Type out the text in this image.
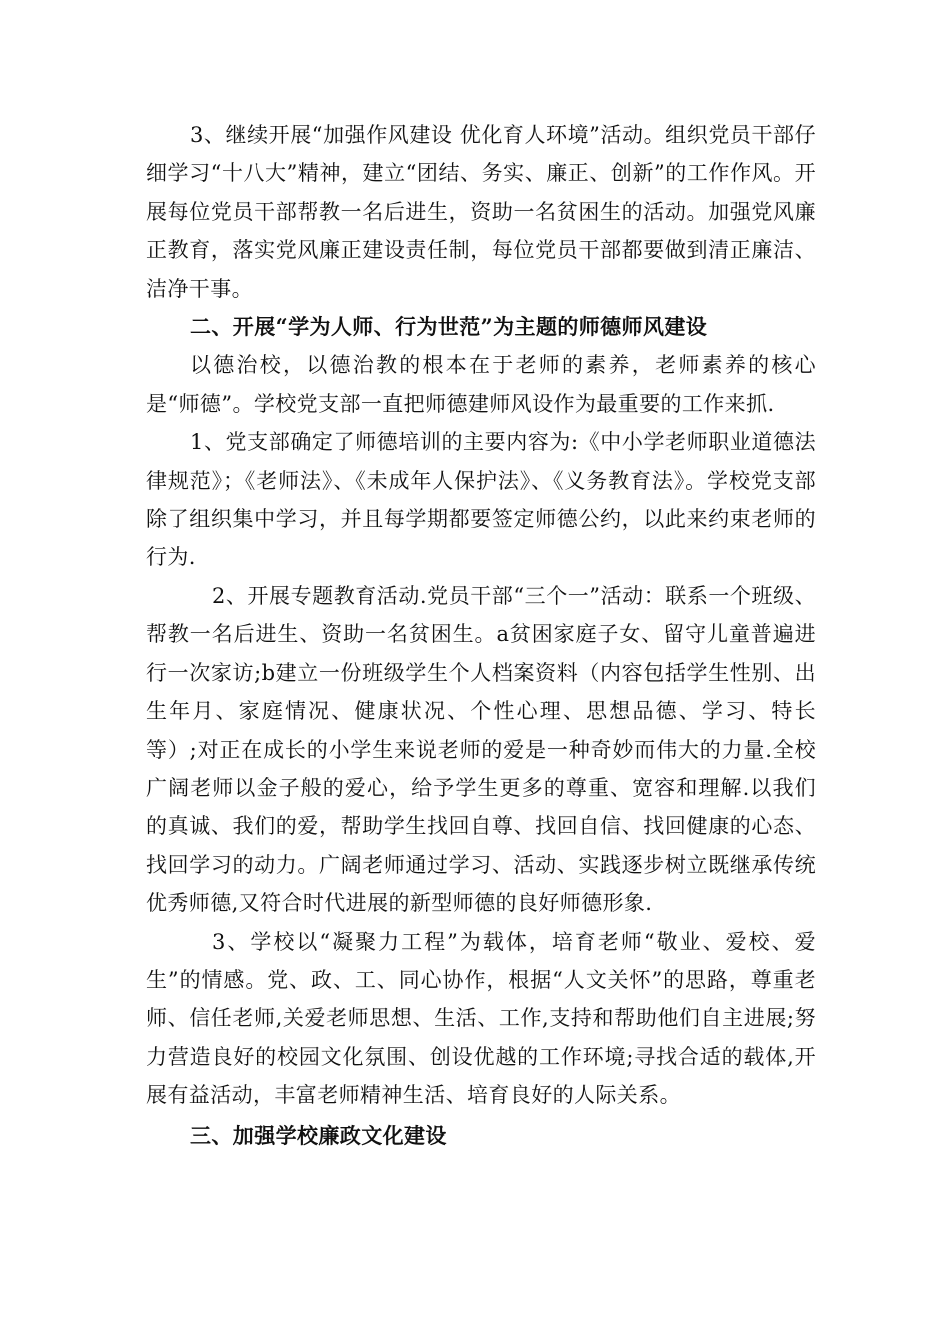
3、继续开展“加强作风建设 优化育人环境”活动。组织党员干部仔细学习“十八大”精神，建立“团结、务实、廉正、创新”的工作作风。开展每位党员干部帮教一名后进生，资助一名贫困生的活动。加强党风廉正教育，落实党风廉正建设责任制，每位党员干部都要做到清正廉洁、洁净干事。

二、开展“学为人师、行为世范”为主题的师德师风建设

以德治校，以德治教的根本在于老师的素养，老师素养的核心是“师德”。学校党支部一直把师德建师风设作为最重要的工作来抓.

1、党支部确定了师德培训的主要内容为:《中小学老师职业道德法律规范》；《老师法》、《未成年人保护法》、《义务教育法》。学校党支部除了组织集中学习，并且每学期都要签定师德公约，以此来约束老师的行为.

2、开展专题教育活动.党员干部“三个一”活动：联系一个班级、帮教一名后进生、资助一名贫困生。a贫困家庭子女、留守儿童普遍进行一次家访;b建立一份班级学生个人档案资料（内容包括学生性别、出生年月、家庭情况、健康状况、个性心理、思想品德、学习、特长等）;对正在成长的小学生来说老师的爱是一种奇妙而伟大的力量.全校广阔老师以金子般的爱心，给予学生更多的尊重、宽容和理解.以我们的真诚、我们的爱，帮助学生找回自尊、找回自信、找回健康的心态、找回学习的动力。广阔老师通过学习、活动、实践逐步树立既继承传统优秀师德,又符合时代进展的新型师德的良好师德形象.

3、学校以“凝聚力工程”为载体，培育老师“敬业、爱校、爱生”的情感。党、政、工、同心协作，根据“人文关怀”的思路，尊重老师、信任老师,关爱老师思想、生活、工作,支持和帮助他们自主进展;努力营造良好的校园文化氛围、创设优越的工作环境;寻找合适的载体,开展有益活动，丰富老师精神生活、培育良好的人际关系。

三、加强学校廉政文化建设
